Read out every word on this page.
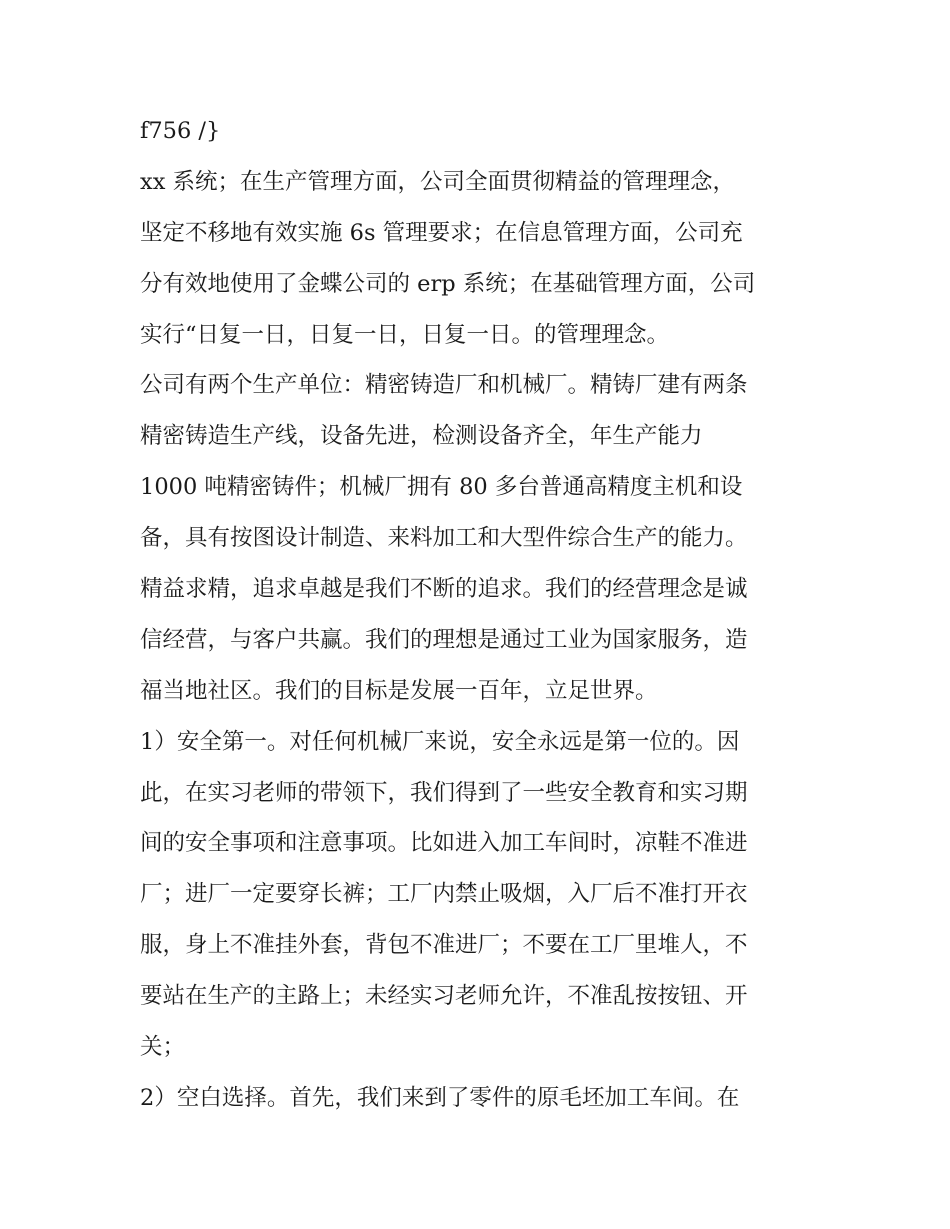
f756 /}
xx 系统；在生产管理方面，公司全面贯彻精益的管理理念，
坚定不移地有效实施 6s 管理要求；在信息管理方面，公司充
分有效地使用了金蝶公司的 erp 系统；在基础管理方面，公司
实行“日复一日，日复一日，日复一日。的管理理念。
公司有两个生产单位：精密铸造厂和机械厂。精铸厂建有两条
精密铸造生产线，设备先进，检测设备齐全，年生产能力
1000 吨精密铸件；机械厂拥有 80 多台普通高精度主机和设
备，具有按图设计制造、来料加工和大型件综合生产的能力。
精益求精，追求卓越是我们不断的追求。我们的经营理念是诚
信经营，与客户共赢。我们的理想是通过工业为国家服务，造
福当地社区。我们的目标是发展一百年，立足世界。
1）安全第一。对任何机械厂来说，安全永远是第一位的。因
此，在实习老师的带领下，我们得到了一些安全教育和实习期
间的安全事项和注意事项。比如进入加工车间时，凉鞋不准进
厂；进厂一定要穿长裤；工厂内禁止吸烟，入厂后不准打开衣
服，身上不准挂外套，背包不准进厂；不要在工厂里堆人，不
要站在生产的主路上；未经实习老师允许，不准乱按按钮、开
关；
2）空白选择。首先，我们来到了零件的原毛坯加工车间。在
